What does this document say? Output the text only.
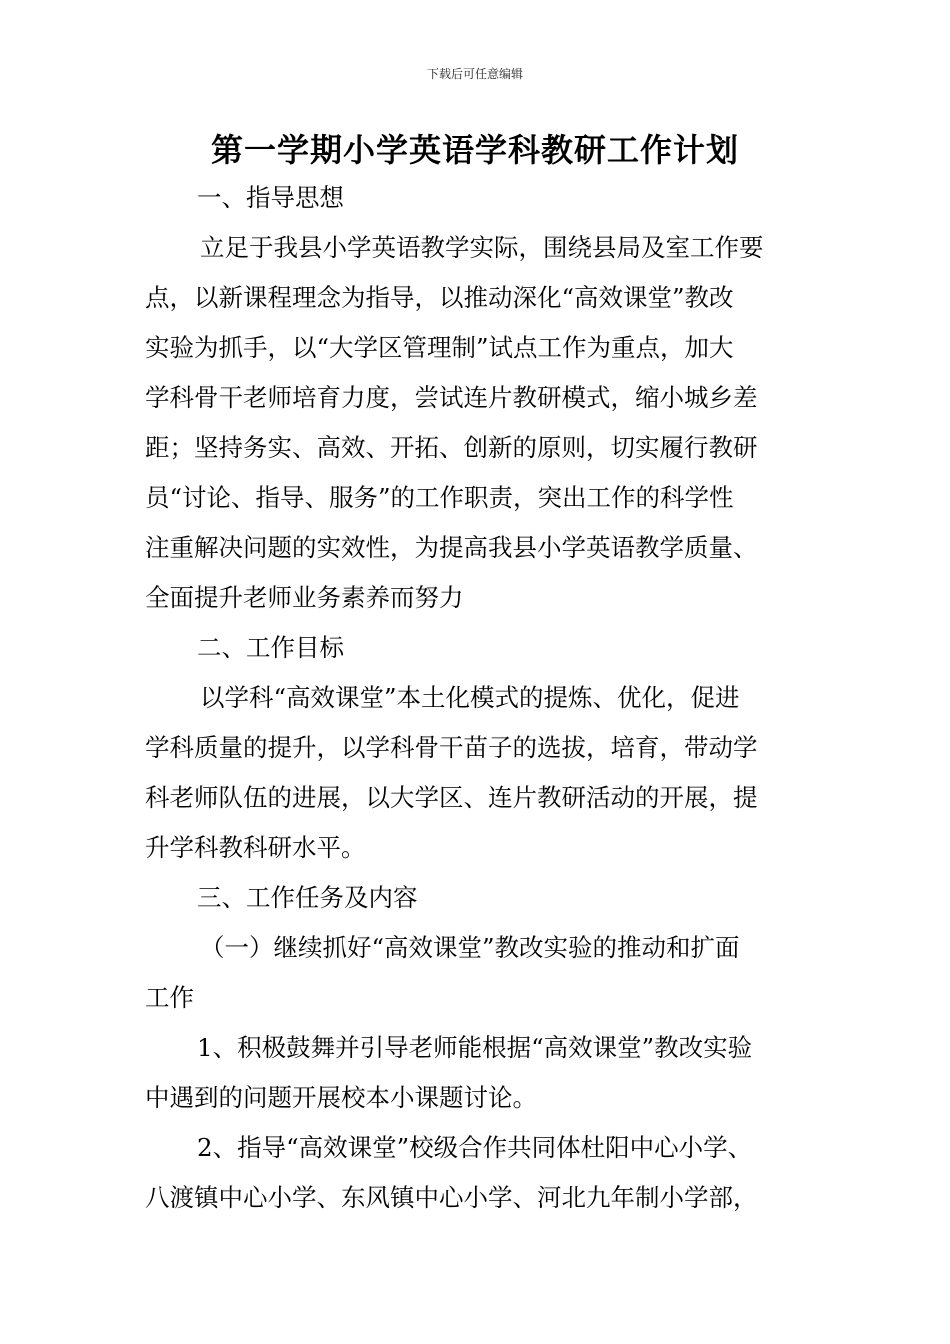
下载后可任意编辑
第一学期小学英语学科教研工作计划
一、指导思想
立足于我县小学英语教学实际，围绕县局及室工作要
点，以新课程理念为指导，以推动深化“高效课堂”教改
实验为抓手，以“大学区管理制”试点工作为重点，加大
学科骨干老师培育力度，尝试连片教研模式，缩小城乡差
距；坚持务实、高效、开拓、创新的原则，切实履行教研
员“讨论、指导、服务”的工作职责，突出工作的科学性
注重解决问题的实效性，为提高我县小学英语教学质量、
全面提升老师业务素养而努力
二、工作目标
以学科“高效课堂”本土化模式的提炼、优化，促进
学科质量的提升，以学科骨干苗子的选拔，培育，带动学
科老师队伍的进展，以大学区、连片教研活动的开展，提
升学科教科研水平。
三、工作任务及内容
（一）继续抓好“高效课堂”教改实验的推动和扩面
工作
1、积极鼓舞并引导老师能根据“高效课堂”教改实验
中遇到的问题开展校本小课题讨论。
2、指导“高效课堂”校级合作共同体杜阳中心小学、
八渡镇中心小学、东风镇中心小学、河北九年制小学部，
